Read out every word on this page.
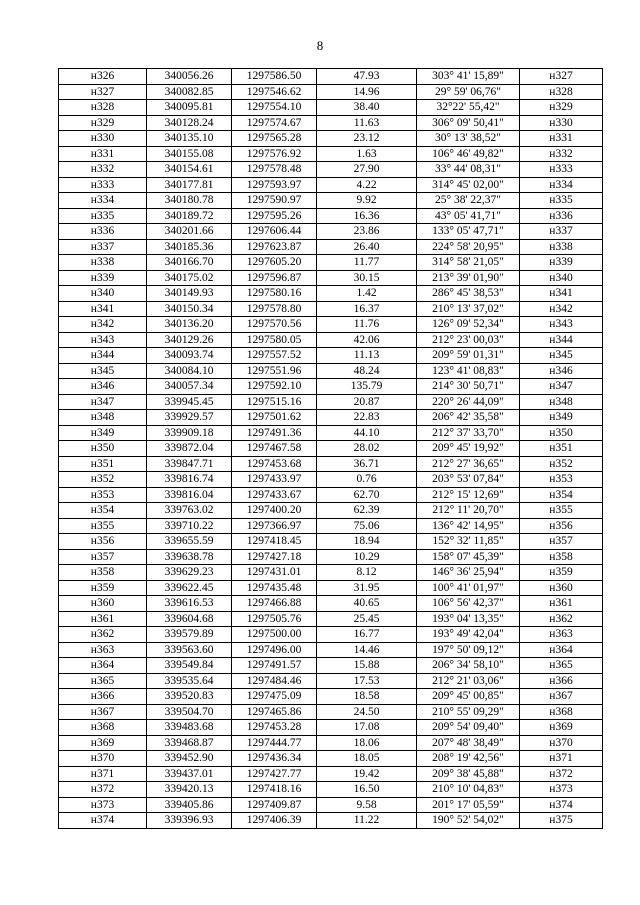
8
н326	340056.26	1297586.50	47.93	303° 41' 15,89"	н327
н327	340082.85	1297546.62	14.96	29° 59' 06,76"	н328
н328	340095.81	1297554.10	38.40	32°22' 55,42"	н329
н329	340128.24	1297574.67	11.63	306° 09' 50,41"	н330
н330	340135.10	1297565.28	23.12	30° 13' 38,52"	н331
н331	340155.08	1297576.92	1.63	106° 46' 49,82"	н332
н332	340154.61	1297578.48	27.90	33° 44' 08,31"	н333
н333	340177.81	1297593.97	4.22	314° 45' 02,00"	н334
н334	340180.78	1297590.97	9.92	25° 38' 22,37"	н335
н335	340189.72	1297595.26	16.36	43° 05' 41,71"	н336
н336	340201.66	1297606.44	23.86	133° 05' 47,71"	н337
н337	340185.36	1297623.87	26.40	224° 58' 20,95"	н338
н338	340166.70	1297605.20	11.77	314° 58' 21,05"	н339
н339	340175.02	1297596.87	30.15	213° 39' 01,90"	н340
н340	340149.93	1297580.16	1.42	286° 45' 38,53"	н341
н341	340150.34	1297578.80	16.37	210° 13' 37,02"	н342
н342	340136.20	1297570.56	11.76	126° 09' 52,34"	н343
н343	340129.26	1297580.05	42.06	212° 23' 00,03"	н344
н344	340093.74	1297557.52	11.13	209° 59' 01,31"	н345
н345	340084.10	1297551.96	48.24	123° 41' 08,83"	н346
н346	340057.34	1297592.10	135.79	214° 30' 50,71"	н347
н347	339945.45	1297515.16	20.87	220° 26' 44,09"	н348
н348	339929.57	1297501.62	22.83	206° 42' 35,58"	н349
н349	339909.18	1297491.36	44.10	212° 37' 33,70"	н350
н350	339872.04	1297467.58	28.02	209° 45' 19,92"	н351
н351	339847.71	1297453.68	36.71	212° 27' 36,65"	н352
н352	339816.74	1297433.97	0.76	203° 53' 07,84"	н353
н353	339816.04	1297433.67	62.70	212° 15' 12,69"	н354
н354	339763.02	1297400.20	62.39	212° 11' 20,70"	н355
н355	339710.22	1297366.97	75.06	136° 42' 14,95"	н356
н356	339655.59	1297418.45	18.94	152° 32' 11,85"	н357
н357	339638.78	1297427.18	10.29	158° 07' 45,39"	н358
н358	339629.23	1297431.01	8.12	146° 36' 25,94"	н359
н359	339622.45	1297435.48	31.95	100° 41' 01,97"	н360
н360	339616.53	1297466.88	40.65	106° 56' 42,37"	н361
н361	339604.68	1297505.76	25.45	193° 04' 13,35"	н362
н362	339579.89	1297500.00	16.77	193° 49' 42,04"	н363
н363	339563.60	1297496.00	14.46	197° 50' 09,12"	н364
н364	339549.84	1297491.57	15.88	206° 34' 58,10"	н365
н365	339535.64	1297484.46	17.53	212° 21' 03,06"	н366
н366	339520.83	1297475.09	18.58	209° 45' 00,85"	н367
н367	339504.70	1297465.86	24.50	210° 55' 09,29"	н368
н368	339483.68	1297453.28	17.08	209° 54' 09,40"	н369
н369	339468.87	1297444.77	18.06	207° 48' 38,49"	н370
н370	339452.90	1297436.34	18.05	208° 19' 42,56"	н371
н371	339437.01	1297427.77	19.42	209° 38' 45,88"	н372
н372	339420.13	1297418.16	16.50	210° 10' 04,83"	н373
н373	339405.86	1297409.87	9.58	201° 17' 05,59"	н374
н374	339396.93	1297406.39	11.22	190° 52' 54,02"	н375
